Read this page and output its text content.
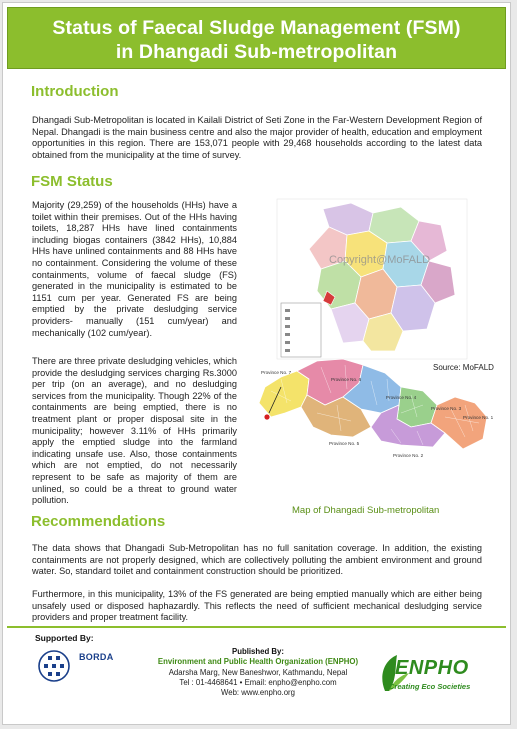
Status of Faecal Sludge Management (FSM)
in Dhangadi Sub-metropolitan
Introduction

Dhangadi Sub-Metropolitan is located in Kailali District of Seti Zone in the Far-Western Development Region of Nepal. Dhangadi is the main business centre and also the major provider of health, education and employment opportunities in this region. There are 153,071 people with 29,468 households according to the latest data obtained from the municipality at the time of survey.

FSM Status

Majority (29,259) of the households (HHs) have a toilet within their premises. Out of the HHs having toilets, 18,287 HHs have lined containments including biogas containers (3842 HHs), 10,884 HHs have unlined containments and 88 HHs have no containment. Considering the volume of these containments, volume of faecal sludge (FS) generated in the municipality is estimated to be 1151 cum per year. Generated FS are being emptied by the private desludging service providers- manually (151 cum/year) and mechanically (102 cum/year).

There are three private desludging vehicles, which provide the desludging services charging Rs.3000 per trip (on an average), and no desludging services from the municipality. Though 22% of the containments are being emptied, there is no treatment plant or proper disposal site in the municipality; however 3.11% of HHs primarily apply the emptied sludge into the farmland indicating unsafe use. Also, those containments which are not emptied, do not necessarily represent to be safe as majority of them are unlined, so could be a threat to ground water pollution.

Copyright@MoFALD
Province No. 7
Province No. 6
Province No. 4
Province No. 3
Province No. 1
Province No. 5
Province No. 2
Source: MoFALD
Map of Dhangadi Sub-metropolitan
Recommendations

The data shows that Dhangadi Sub-Metropolitan has no full sanitation coverage. In addition, the existing containments are not properly designed, which are collectively polluting the ambient environment and ground water. So, standard toilet and containment construction should be prioritized.

Furthermore, in this municipality, 13% of the FS generated are being emptied manually which are either being unsafely used or disposed haphazardly. This reflects the need of sufficient mechanical desludging service providers and proper treatment facility.

Supported By:
BORDA
Published By:
Environment and Public Health Organization (ENPHO)
Adarsha Marg, New Baneshwor, Kathmandu, Nepal
Tel : 01-4468641 • Email: enpho@enpho.com
Web: www.enpho.org
ENPHO
Creating Eco Societies
